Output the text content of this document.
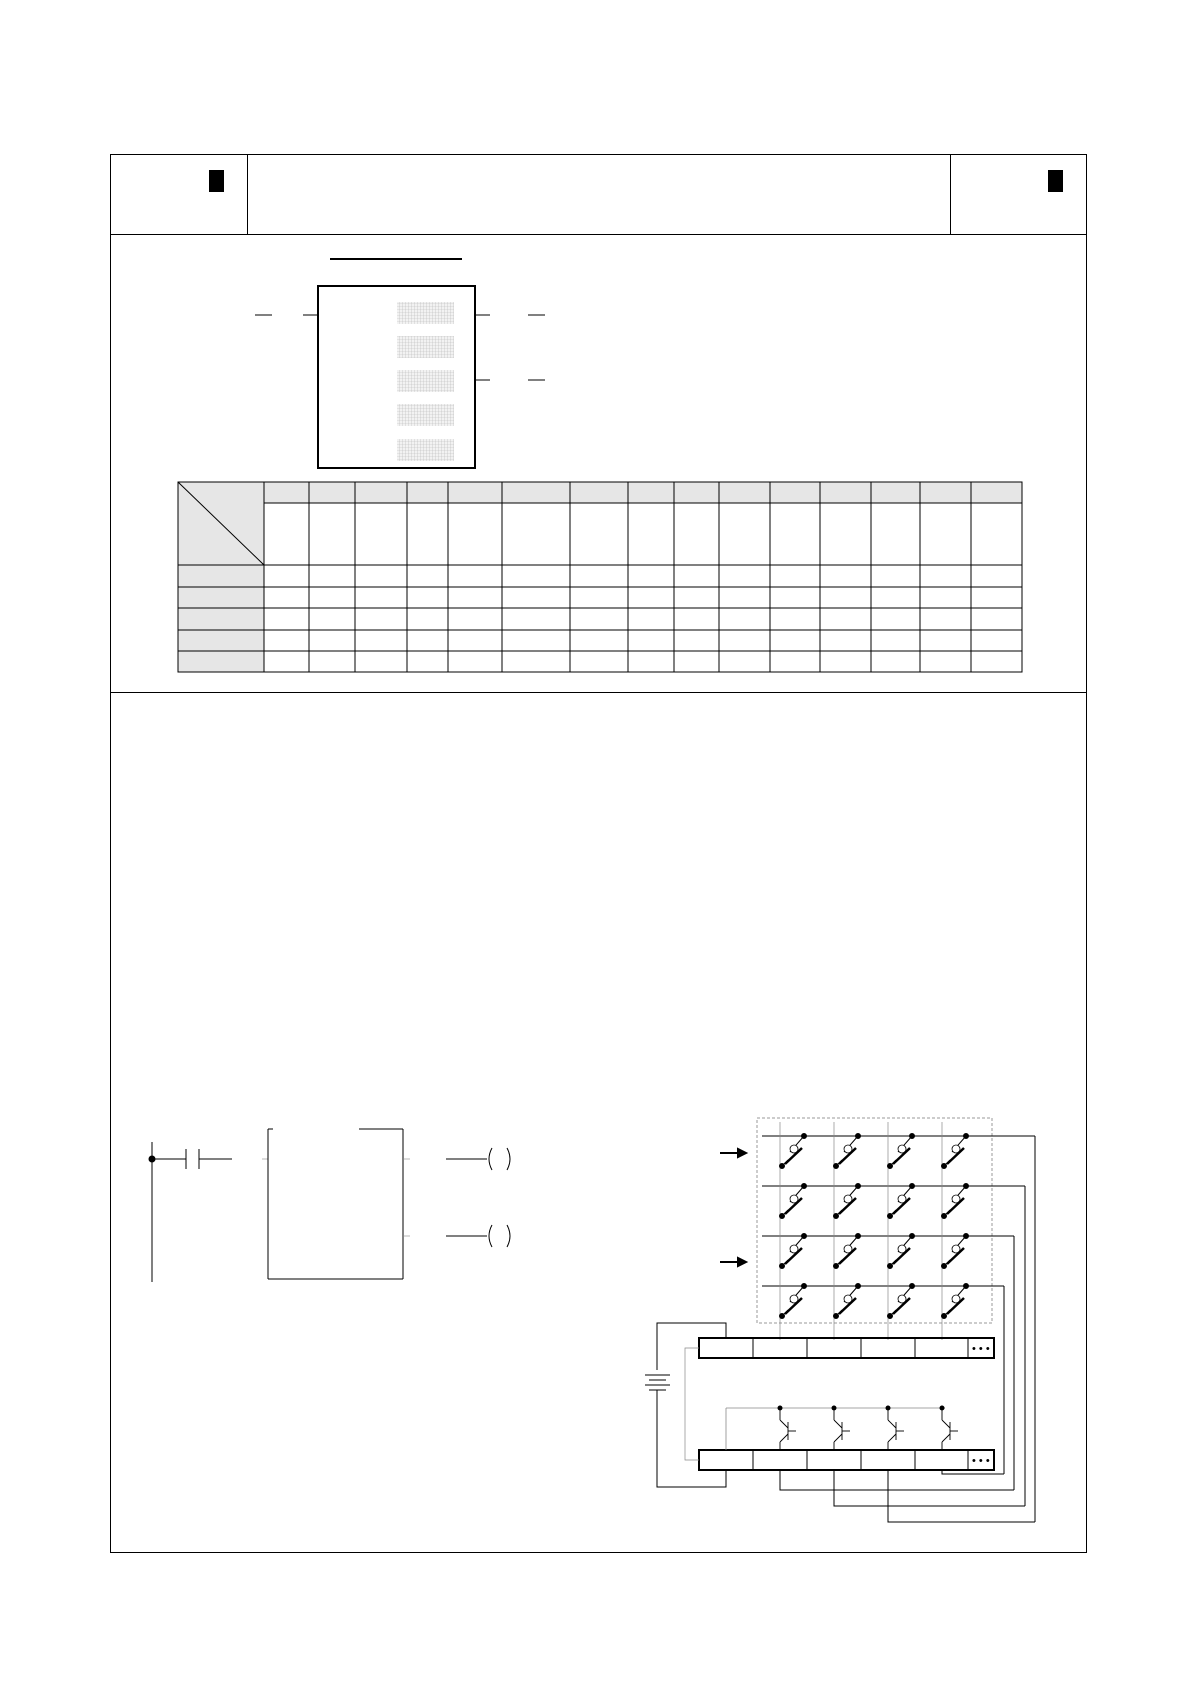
• • •
• • •
